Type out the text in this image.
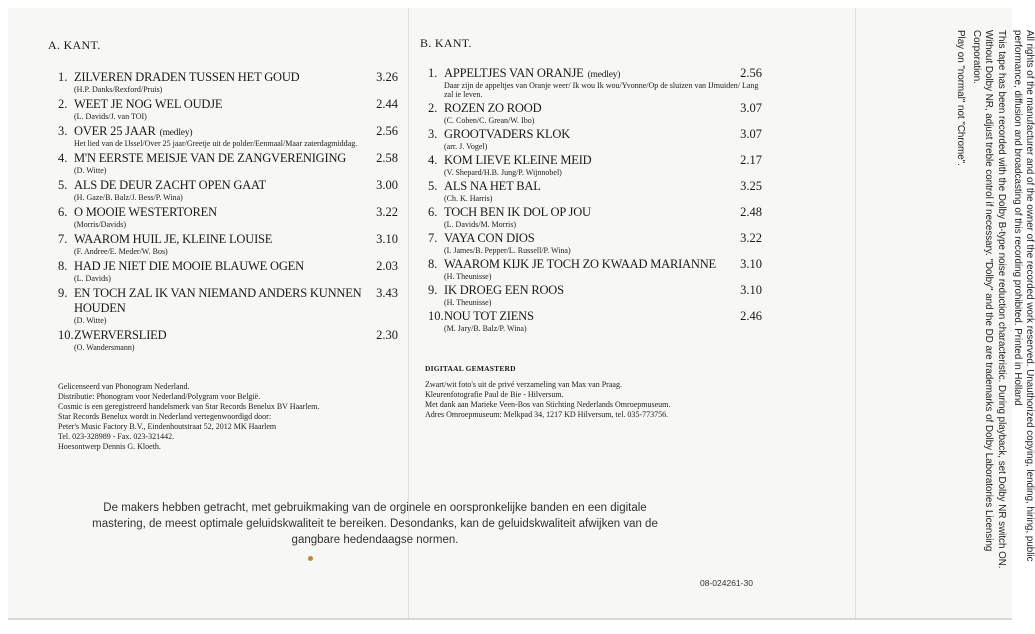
A. KANT.
1. ZILVEREN DRADEN TUSSEN HET GOUD	3.26
(H.P. Danks/Rexford/Pruis)
2. WEET JE NOG WEL OUDJE	2.44
(L. Davids/J. van TOI)
3. OVER 25 JAAR (medley)	2.56
Het lied van de IJssel/Over 25 jaar/Greetje uit de polder/Eenmaal/Maar zaterdagmiddag.
4. M'N EERSTE MEISJE VAN DE ZANGVERENIGING	2.58
(D. Witte)
5. ALS DE DEUR ZACHT OPEN GAAT	3.00
(H. Gaze/B. Balz/J. Bess/P. Wina)
6. O MOOIE WESTERTOREN	3.22
(Morris/Davids)
7. WAAROM HUIL JE, KLEINE LOUISE	3.10
(F. Andree/E. Meder/W. Bos)
8. HAD JE NIET DIE MOOIE BLAUWE OGEN	2.03
(L. Davids)
9. EN TOCH ZAL IK VAN NIEMAND ANDERS KUNNEN HOUDEN
3.43
(D. Witte)
10. ZWERVERSLIED	2.30
(O. Wandersmann)
Gelicenseerd van Phonogram Nederland.
Distributie: Phonogram voor Nederland/Polygram voor België.
Cosmic is een geregistreerd handelsmerk van Star Records Benelux BV Haarlem.
Star Records Benelux wordt in Nederland vertegenwoordigd door:
Peter's Music Factory B.V., Eindenhoutstraat 52, 2012 MK Haarlem
Tel. 023-328989 - Fax. 023-321442.
Hoesontwerp Dennis G. Kloeth.
B. KANT.
1. APPELTJES VAN ORANJE (medley)	2.56
Daar zijn de appeltjes van Oranje weer/ Ik wou Ik wou/Yvonne/Op de sluizen van IJmuiden/ Lang zal ie leven.
2. ROZEN ZO ROOD	3.07
(C. Coben/C. Grean/W. Ibo)
3. GROOTVADERS KLOK	3.07
(arr. J. Vogel)
4. KOM LIEVE KLEINE MEID	2.17
(V. Shepard/H.B. Jung/P. Wijnnobel)
5. ALS NA HET BAL	3.25
(Ch. K. Harris)
6. TOCH BEN IK DOL OP JOU	2.48
(L. Davids/M. Morris)
7. VAYA CON DIOS	3.22
(I. James/B. Pepper/L. Russell/P. Wina)
8. WAAROM KIJK JE TOCH ZO KWAAD MARIANNE	3.10
(H. Theunisse)
9. IK DROEG EEN ROOS	3.10
(H. Theunisse)
10. NOU TOT ZIENS	2.46
(M. Jary/B. Balz/P. Wina)
DIGITAAL GEMASTERD
Zwart/wit foto's uit de privé verzameling van Max van Praag.
Kleurenfotografie Paul de Bie - Hilversum.
Met dank aan Marieke Veen-Bos van Stichting Nederlands Omroepmuseum.
Adres Omroepmuseum: Melkpad 34, 1217 KD Hilversum, tel. 035-773756.
De makers hebben getracht, met gebruikmaking van de orginele en oorspronkelijke banden en een digitale mastering, de meest optimale geluidskwaliteit te bereiken. Desondanks, kan de geluidskwaliteit afwijken van de gangbare hedendaagse normen.
08-024261-30

All rights of the manufacturer and of the owner of the recorded work reserved. Unauthorized copying, lending, hiring, public performance, diffusion and broadcasting of this recording prohibited. Printed in Holland

This tape has been recorded with the Dolby B-type noise reduction characteristic. During playback, set Dolby NR switch ON. Without Dolby NR, adjust treble control if necessary. "Dolby" and the DD are trademarks of Dolby Laboratories Licensing Corporation.

Play on "normal" not "Chrome".
